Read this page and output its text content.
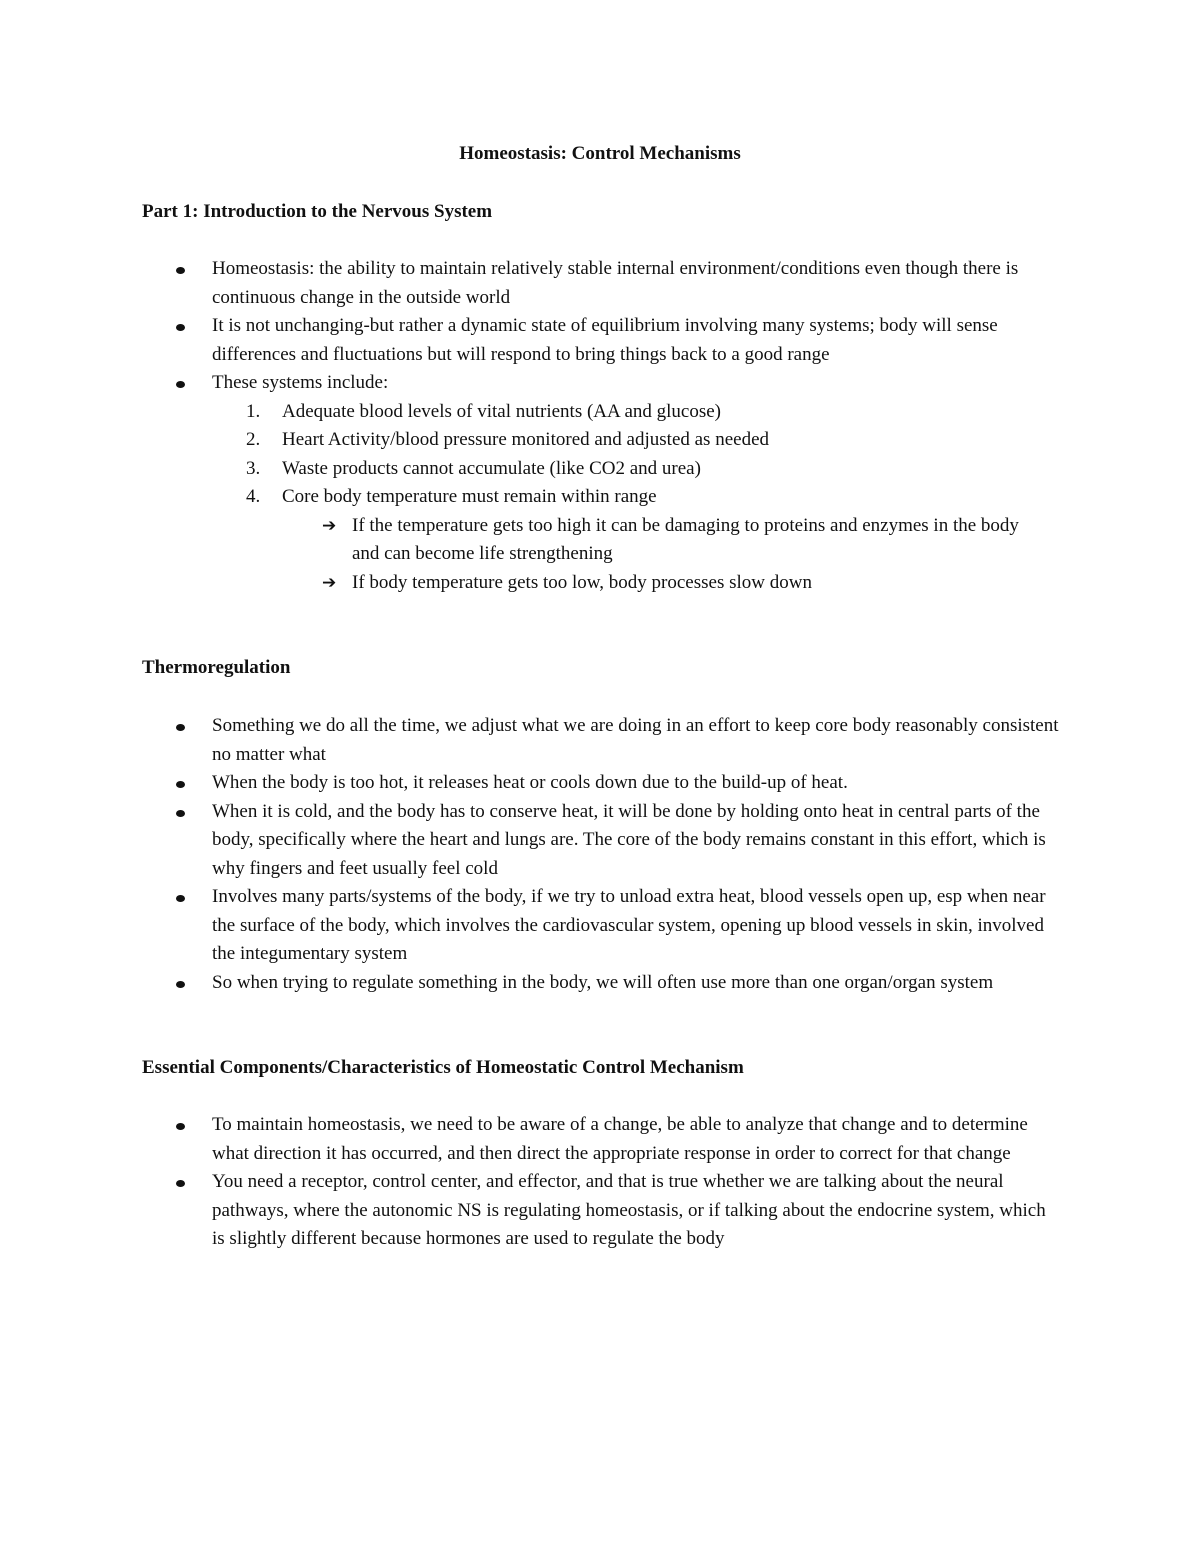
Homeostasis: Control Mechanisms
Part 1: Introduction to the Nervous System
Homeostasis: the ability to maintain relatively stable internal environment/conditions even though there is continuous change in the outside world
It is not unchanging-but rather a dynamic state of equilibrium involving many systems; body will sense differences and fluctuations but will respond to bring things back to a good range
These systems include:
1. Adequate blood levels of vital nutrients (AA and glucose)
2. Heart Activity/blood pressure monitored and adjusted as needed
3. Waste products cannot accumulate (like CO2 and urea)
4. Core body temperature must remain within range
➔ If the temperature gets too high it can be damaging to proteins and enzymes in the body and can become life strengthening
➔ If body temperature gets too low, body processes slow down
Thermoregulation
Something we do all the time, we adjust what we are doing in an effort to keep core body reasonably consistent no matter what
When the body is too hot, it releases heat or cools down due to the build-up of heat.
When it is cold, and the body has to conserve heat, it will be done by holding onto heat in central parts of the body, specifically where the heart and lungs are. The core of the body remains constant in this effort, which is why fingers and feet usually feel cold
Involves many parts/systems of the body, if we try to unload extra heat, blood vessels open up, esp when near the surface of the body, which involves the cardiovascular system, opening up blood vessels in skin, involved the integumentary system
So when trying to regulate something in the body, we will often use more than one organ/organ system
Essential Components/Characteristics of Homeostatic Control Mechanism
To maintain homeostasis, we need to be aware of a change, be able to analyze that change and to determine what direction it has occurred, and then direct the appropriate response in order to correct for that change
You need a receptor, control center, and effector, and that is true whether we are talking about the neural pathways, where the autonomic NS is regulating homeostasis, or if talking about the endocrine system, which is slightly different because hormones are used to regulate the body
